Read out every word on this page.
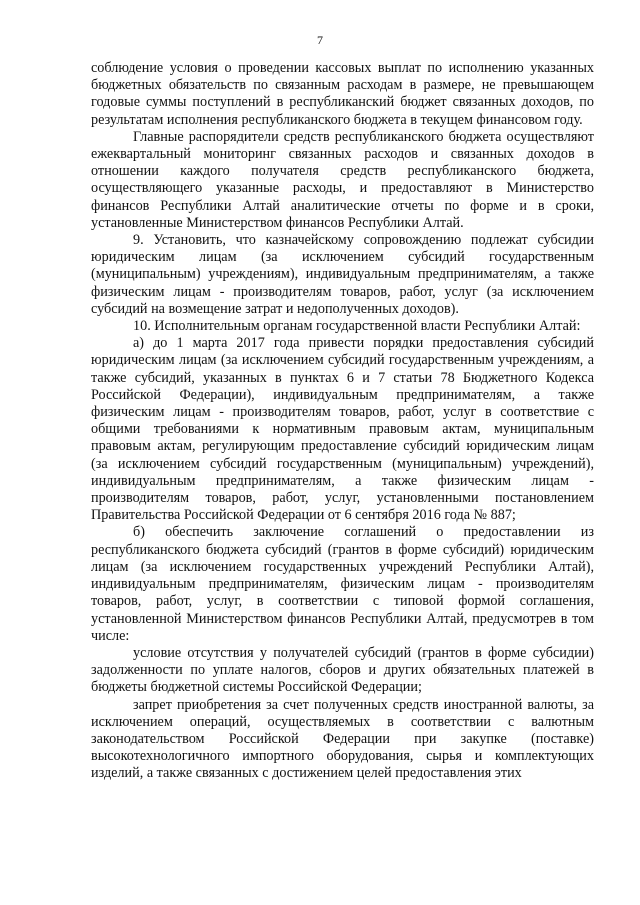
7

соблюдение условия о проведении кассовых выплат по исполнению указанных бюджетных обязательств по связанным расходам в размере, не превышающем годовые суммы поступлений в республиканский бюджет связанных доходов, по результатам исполнения республиканского бюджета в текущем финансовом году.

Главные распорядители средств республиканского бюджета осуществляют ежеквартальный мониторинг связанных расходов и связанных доходов в отношении каждого получателя средств республиканского бюджета, осуществляющего указанные расходы, и предоставляют в Министерство финансов Республики Алтай аналитические отчеты по форме и в сроки, установленные Министерством финансов Республики Алтай.

9. Установить, что казначейскому сопровождению подлежат субсидии юридическим лицам (за исключением субсидий государственным (муниципальным) учреждениям), индивидуальным предпринимателям, а также физическим лицам - производителям товаров, работ, услуг (за исключением субсидий на возмещение затрат и недополученных доходов).

10. Исполнительным органам государственной власти Республики Алтай:

а) до 1 марта 2017 года привести порядки предоставления субсидий юридическим лицам (за исключением субсидий государственным учреждениям, а также субсидий, указанных в пунктах 6 и 7 статьи 78 Бюджетного Кодекса Российской Федерации), индивидуальным предпринимателям, а также физическим лицам - производителям товаров, работ, услуг в соответствие с общими требованиями к нормативным правовым актам, муниципальным правовым актам, регулирующим предоставление субсидий юридическим лицам (за исключением субсидий государственным (муниципальным) учреждений), индивидуальным предпринимателям, а также физическим лицам - производителям товаров, работ, услуг, установленными постановлением Правительства Российской Федерации от 6 сентября 2016 года № 887;

б) обеспечить заключение соглашений о предоставлении из республиканского бюджета субсидий (грантов в форме субсидий) юридическим лицам (за исключением государственных учреждений Республики Алтай), индивидуальным предпринимателям, физическим лицам - производителям товаров, работ, услуг, в соответствии с типовой формой соглашения, установленной Министерством финансов Республики Алтай, предусмотрев в том числе:

условие отсутствия у получателей субсидий (грантов в форме субсидии) задолженности по уплате налогов, сборов и других обязательных платежей в бюджеты бюджетной системы Российской Федерации;

запрет приобретения за счет полученных средств иностранной валюты, за исключением операций, осуществляемых в соответствии с валютным законодательством Российской Федерации при закупке (поставке) высокотехнологичного импортного оборудования, сырья и комплектующих изделий, а также связанных с достижением целей предоставления этих
